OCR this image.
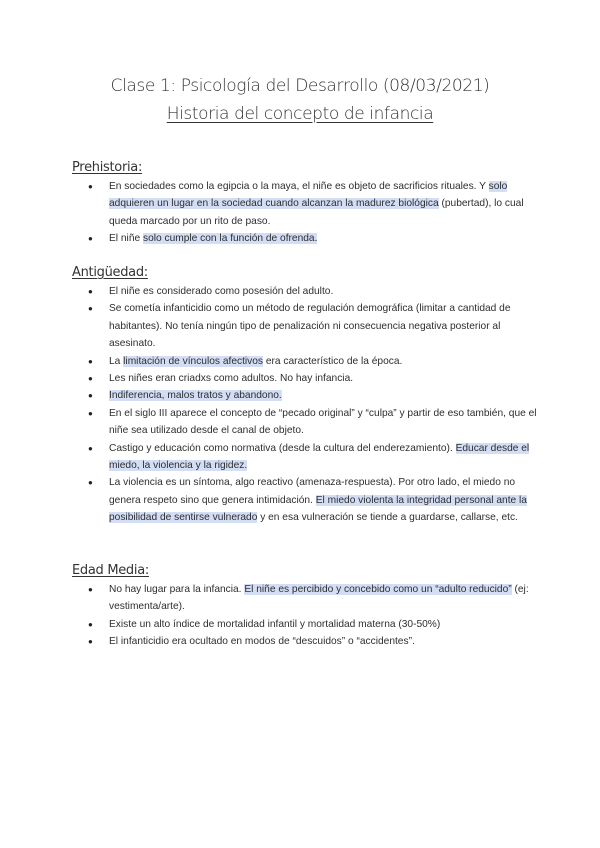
Clase 1: Psicología del Desarrollo (08/03/2021)
Historia del concepto de infancia
Prehistoria:
● En sociedades como la egipcia o la maya, el niñe es objeto de sacrificios rituales. Y solo adquieren un lugar en la sociedad cuando alcanzan la madurez biológica (pubertad), lo cual queda marcado por un rito de paso.
● El niñe solo cumple con la función de ofrenda.
Antigüedad:
● El niñe es considerado como posesión del adulto.
● Se cometía infanticidio como un método de regulación demográfica (limitar a cantidad de habitantes). No tenía ningún tipo de penalización ni consecuencia negativa posterior al asesinato.
● La limitación de vínculos afectivos era característico de la época.
● Les niñes eran criadxs como adultos. No hay infancia.
● Indiferencia, malos tratos y abandono.
● En el siglo III aparece el concepto de “pecado original” y “culpa” y partir de eso también, que el niñe sea utilizado desde el canal de objeto.
● Castigo y educación como normativa (desde la cultura del enderezamiento). Educar desde el miedo, la violencia y la rigidez.
● La violencia es un síntoma, algo reactivo (amenaza-respuesta). Por otro lado, el miedo no genera respeto sino que genera intimidación. El miedo violenta la integridad personal ante la posibilidad de sentirse vulnerado y en esa vulneración se tiende a guardarse, callarse, etc.
Edad Media:
● No hay lugar para la infancia. El niñe es percibido y concebido como un “adulto reducido” (ej: vestimenta/arte).
● Existe un alto índice de mortalidad infantil y mortalidad materna (30-50%)
● El infanticidio era ocultado en modos de “descuidos” o “accidentes”.
